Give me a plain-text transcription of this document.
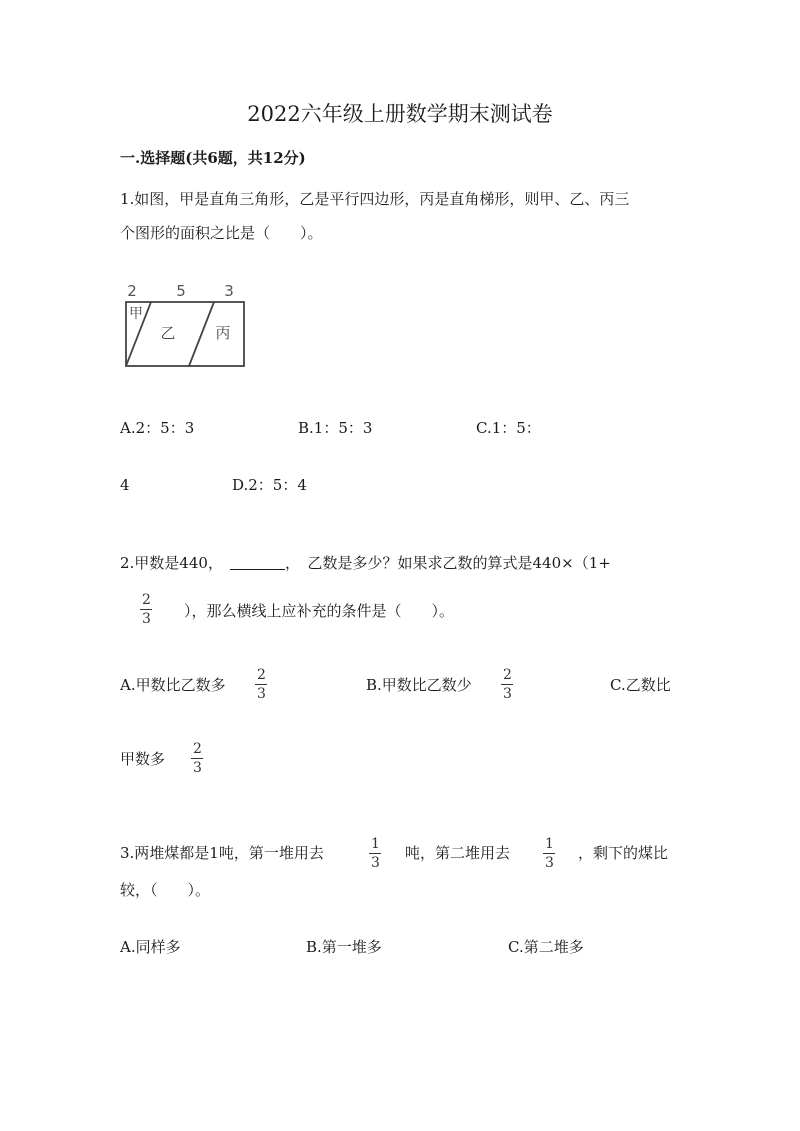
2022六年级上册数学期末测试卷
一.选择题(共6题，共12分)
1.如图，甲是直角三角形，乙是平行四边形，丙是直角梯形，则甲、乙、丙三
个图形的面积之比是（　　）。
2	5	3
甲
乙	丙
A.2：5：3	B.1：5：3	C.1：5：
4	D.2：5：4
2.甲数是440，	，　乙数是多少？如果求乙数的算式是440×（1+
2
3 ），那么横线上应补充的条件是（　　）。
A.甲数比乙数多
2
3	B.甲数比乙数少
2
3	C.乙数比
甲数多
2
3
3.两堆煤都是1吨，第一堆用去	1
3
吨，第二堆用去 1
3
，剩下的煤比
较，（　　）。
A.同样多	B.第一堆多	C.第二堆多
